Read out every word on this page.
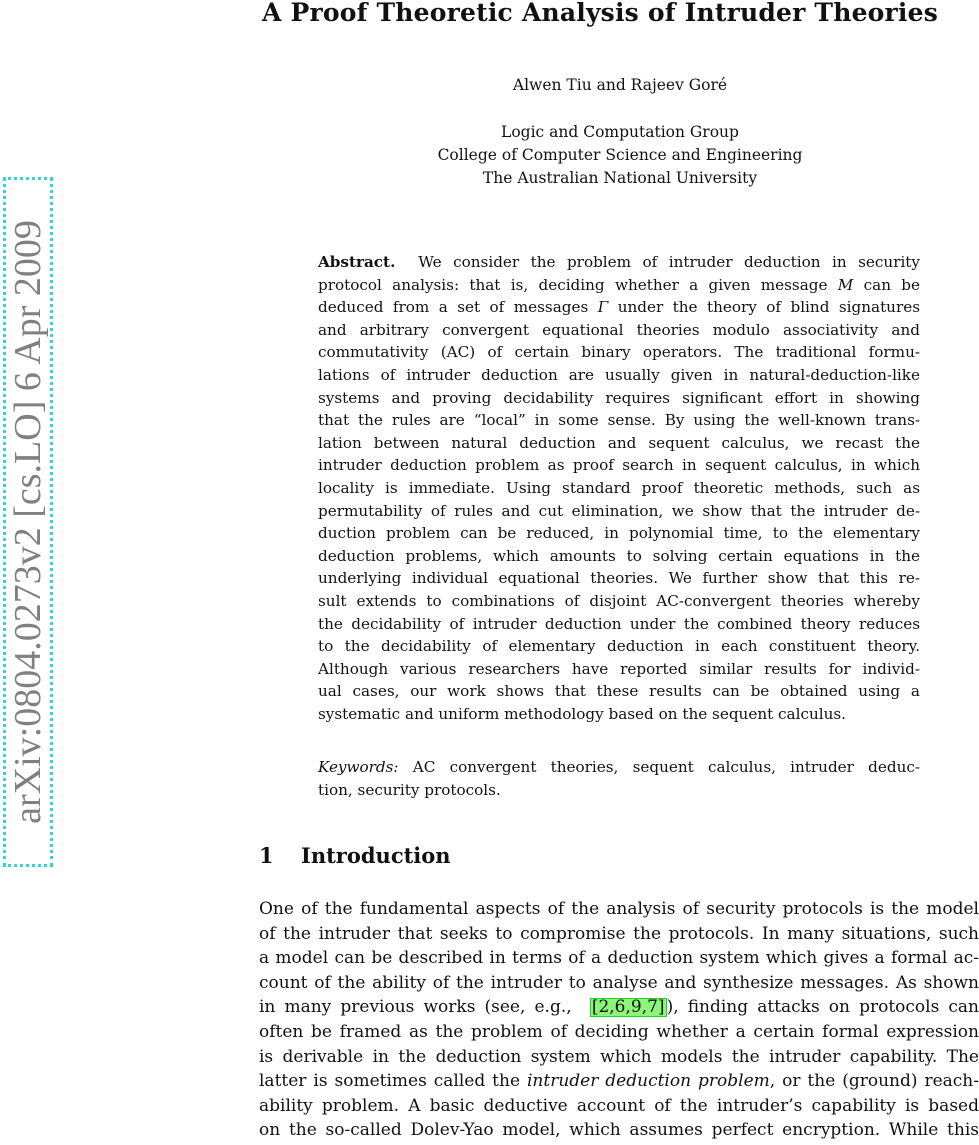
arXiv:0804.0273v2 [cs.LO] 6 Apr 2009
A Proof Theoretic Analysis of Intruder Theories
Alwen Tiu and Rajeev Goré
Logic and Computation Group
College of Computer Science and Engineering
The Australian National University
Abstract.  We consider the problem of intruder deduction in security
protocol analysis: that is, deciding whether a given message M can be
deduced from a set of messages Γ under the theory of blind signatures
and arbitrary convergent equational theories modulo associativity and
commutativity (AC) of certain binary operators. The traditional formu-
lations of intruder deduction are usually given in natural-deduction-like
systems and proving decidability requires significant effort in showing
that the rules are “local” in some sense. By using the well-known trans-
lation between natural deduction and sequent calculus, we recast the
intruder deduction problem as proof search in sequent calculus, in which
locality is immediate. Using standard proof theoretic methods, such as
permutability of rules and cut elimination, we show that the intruder de-
duction problem can be reduced, in polynomial time, to the elementary
deduction problems, which amounts to solving certain equations in the
underlying individual equational theories. We further show that this re-
sult extends to combinations of disjoint AC-convergent theories whereby
the decidability of intruder deduction under the combined theory reduces
to the decidability of elementary deduction in each constituent theory.
Although various researchers have reported similar results for individ-
ual cases, our work shows that these results can be obtained using a
systematic and uniform methodology based on the sequent calculus.
Keywords: AC convergent theories, sequent calculus, intruder deduc-
tion, security protocols.
1 Introduction
One of the fundamental aspects of the analysis of security protocols is the model
of the intruder that seeks to compromise the protocols. In many situations, such
a model can be described in terms of a deduction system which gives a formal ac-
count of the ability of the intruder to analyse and synthesize messages. As shown
in many previous works (see, e.g.,  [2,6,9,7] ), finding attacks on protocols can
often be framed as the problem of deciding whether a certain formal expression
is derivable in the deduction system which models the intruder capability. The
latter is sometimes called the intruder deduction problem, or the (ground) reach-
ability problem. A basic deductive account of the intruder’s capability is based
on the so-called Dolev-Yao model, which assumes perfect encryption. While this
